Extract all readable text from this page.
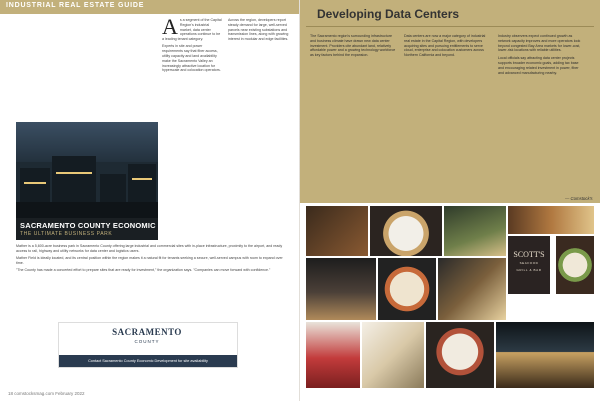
INDUSTRIAL REAL ESTATE GUIDE
A s a segment of the Capital Region's industrial market, data center operations continue to be a leading tenant category.

Experts in site and power requirements say that fiber access, utility capacity and land availability make the Sacramento Valley an increasingly attractive location for hyperscale and colocation operators.

Across the region, developers report steady demand for large, well-served parcels near existing substations and transmission lines, along with growing interest in modular and edge facilities.

SACRAMENTO COUNTY ECONOMIC DEVELOPMENT
THE ULTIMATE BUSINESS PARK

Mather is a 5,600-acre business park in Sacramento County offering large industrial and commercial sites with in-place infrastructure, proximity to the airport, and ready access to rail, highway and utility networks for data center and logistics users.

Mather Field is ideally located, and its central position within the region makes it a natural fit for tenants seeking a secure, well-served campus with room to expand over time.

"The County has made a concerted effort to prepare sites that are ready for investment," the organization says. "Companies can move forward with confidence."

SACRAMENTO
COUNTY
Contact Sacramento County Economic Development for site availability
18 comstocksmag.com February 2022
Developing Data Centers
The Sacramento region's surrounding infrastructure and business climate have drawn new data center investment. Providers cite abundant land, relatively affordable power and a growing technology workforce as key factors behind the expansion.
Data centers are now a major category of industrial real estate in the Capital Region, with developers acquiring sites and pursuing entitlements to serve cloud, enterprise and colocation customers across Northern California and beyond.

Industry observers expect continued growth as network capacity improves and more operators look beyond congested Bay Area markets for lower-cost, lower-risk locations with reliable utilities.

Local officials say attracting data center projects supports broader economic goals, adding tax base and encouraging related investment in power, fiber and advanced manufacturing nearby.

— Comstock's
SCOTT'S
SEAFOOD
GRILL & BAR
